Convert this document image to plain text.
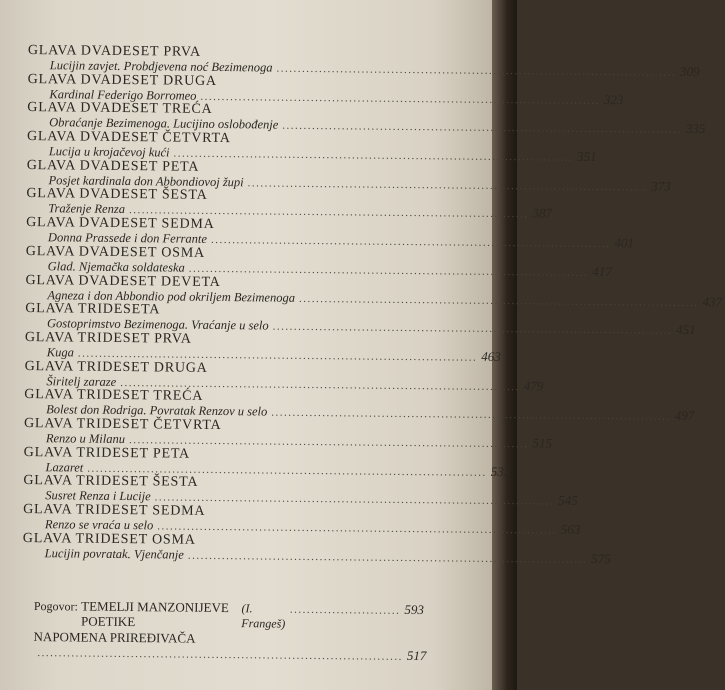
GLAVA DVADESET PRVA
Lucijin zavjet. Probdjevena noć Bezimenoga .............................................................................................. 309
GLAVA DVADESET DRUGA
Kardinal Federigo Borromeo .............................................................................................. 323
GLAVA DVADESET TREĆA
Obraćanje Bezimenoga. Lucijino oslobođenje .............................................................................................. 335
GLAVA DVADESET ČETVRTA
Lucija u krojačevoj kući .............................................................................................. 351
GLAVA DVADESET PETA
Posjet kardinala don Abbondiovoj župi .............................................................................................. 373
GLAVA DVADESET ŠESTA
Traženje Renza .............................................................................................. 387
GLAVA DVADESET SEDMA
Donna Prassede i don Ferrante .............................................................................................. 401
GLAVA DVADESET OSMA
Glad. Njemačka soldateska .............................................................................................. 417
GLAVA DVADESET DEVETA
Agneza i don Abbondio pod okriljem Bezimenoga .............................................................................................. 437
GLAVA TRIDESETA
Gostoprimstvo Bezimenoga. Vraćanje u selo .............................................................................................. 451
GLAVA TRIDESET PRVA
Kuga .............................................................................................. 463
GLAVA TRIDESET DRUGA
Širitelj zaraze .............................................................................................. 479
GLAVA TRIDESET TREĆA
Bolest don Rodriga. Povratak Renzov u selo .............................................................................................. 497
GLAVA TRIDESET ČETVRTA
Renzo u Milanu .............................................................................................. 515
GLAVA TRIDESET PETA
Lazaret .............................................................................................. 533
GLAVA TRIDESET ŠESTA
Susret Renza i Lucije .............................................................................................. 545
GLAVA TRIDESET SEDMA
Renzo se vraća u selo .............................................................................................. 563
GLAVA TRIDESET OSMA
Lucijin povratak. Vjenčanje .............................................................................................. 575
Pogovor:
TEMELJI MANZONIJEVE POETIKE

(I. Frangeš)
.......................... 593
NAPOMENA PRIREĐIVAČA
...................................................................................... 517
